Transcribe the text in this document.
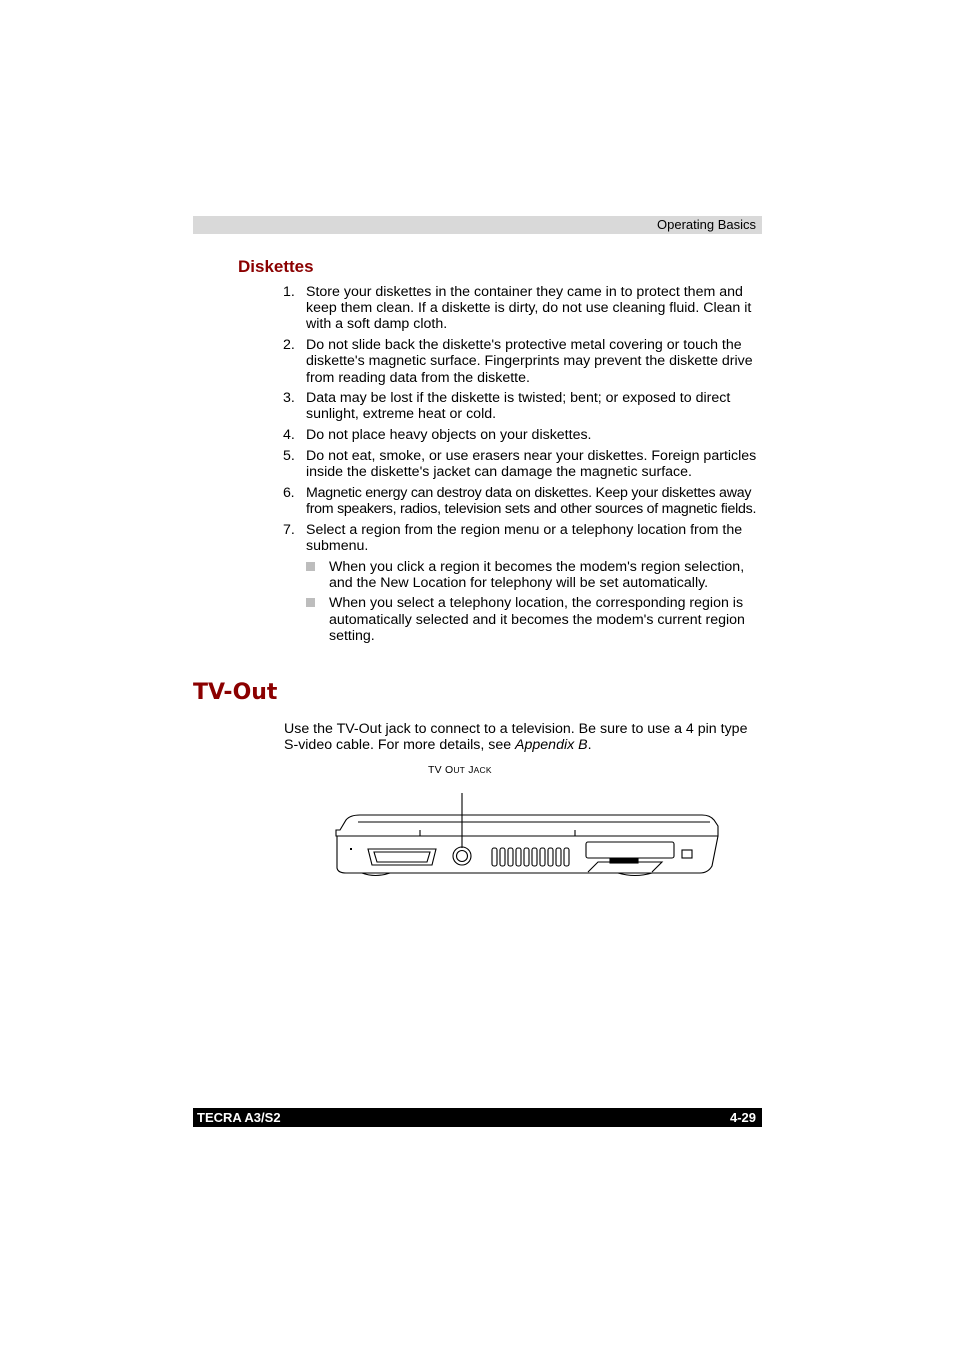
Operating Basics
Diskettes
1. Store your diskettes in the container they came in to protect them and keep them clean. If a diskette is dirty, do not use cleaning fluid. Clean it with a soft damp cloth.
2. Do not slide back the diskette's protective metal covering or touch the diskette's magnetic surface. Fingerprints may prevent the diskette drive from reading data from the diskette.
3. Data may be lost if the diskette is twisted; bent; or exposed to direct sunlight, extreme heat or cold.
4. Do not place heavy objects on your diskettes.
5. Do not eat, smoke, or use erasers near your diskettes. Foreign particles inside the diskette's jacket can damage the magnetic surface.
6. Magnetic energy can destroy data on diskettes. Keep your diskettes away from speakers, radios, television sets and other sources of magnetic fields.
7. Select a region from the region menu or a telephony location from the submenu.
When you click a region it becomes the modem's region selection, and the New Location for telephony will be set automatically.
When you select a telephony location, the corresponding region is automatically selected and it becomes the modem's current region setting.
TV-Out

Use the TV-Out jack to connect to a television. Be sure to use a 4 pin type S-video cable. For more details, see Appendix B.

TV OUT JACK
TECRA A3/S2	4-29
